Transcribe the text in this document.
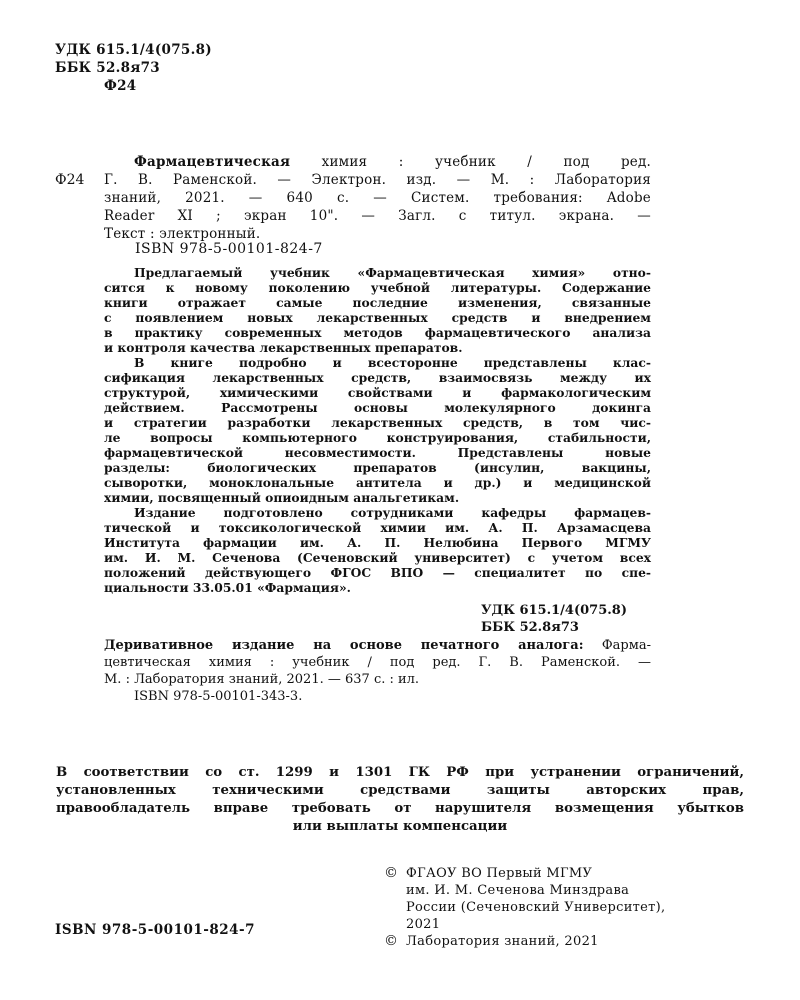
УДК 615.1/4(075.8)
ББК 52.8я73
Ф24
Ф24
Фармацевтическая химия : учебник / под ред.
Г. В. Раменской. — Электрон. изд. — М. : Лаборатория
знаний, 2021. — 640 с. — Систем. требования: Adobe
Reader XI ; экран 10". — Загл. с титул. экрана. —
Текст : электронный.
ISBN 978-5-00101-824-7
Предлагаемый учебник «Фармацевтическая химия» отно-
сится к новому поколению учебной литературы. Содержание
книги отражает самые последние изменения, связанные
с появлением новых лекарственных средств и внедрением
в практику современных методов фармацевтического анализа
и контроля качества лекарственных препаратов.
В книге подробно и всесторонне представлены клас-
сификация лекарственных средств, взаимосвязь между их
структурой, химическими свойствами и фармакологическим
действием. Рассмотрены основы молекулярного докинга
и стратегии разработки лекарственных средств, в том чис-
ле вопросы компьютерного конструирования, стабильности,
фармацевтической несовместимости. Представлены новые
разделы: биологических препаратов (инсулин, вакцины,
сыворотки, моноклональные антитела и др.) и медицинской
химии, посвященный опиоидным анальгетикам.
Издание подготовлено сотрудниками кафедры фармацев-
тической и токсикологической химии им. А. П. Арзамасцева
Института фармации им. А. П. Нелюбина Первого МГМУ
им. И. М. Сеченова (Сеченовский университет) с учетом всех
положений действующего ФГОС ВПО — специалитет по спе-
циальности 33.05.01 «Фармация».
УДК 615.1/4(075.8)
ББК 52.8я73
Деривативное издание на основе печатного аналога: Фарма-
цевтическая химия : учебник / под ред. Г. В. Раменской. —
М. : Лаборатория знаний, 2021. — 637 с. : ил.
ISBN 978-5-00101-343-3.
В соответствии со ст. 1299 и 1301 ГК РФ при устранении ограничений,
установленных техническими средствами защиты авторских прав,
правообладатель вправе требовать от нарушителя возмещения убытков
или выплаты компенсации
© ФГАОУ ВО Первый МГМУ
им. И. М. Сеченова Минздрава
России (Сеченовский Университет),
2021
© Лаборатория знаний, 2021
ISBN 978-5-00101-824-7
